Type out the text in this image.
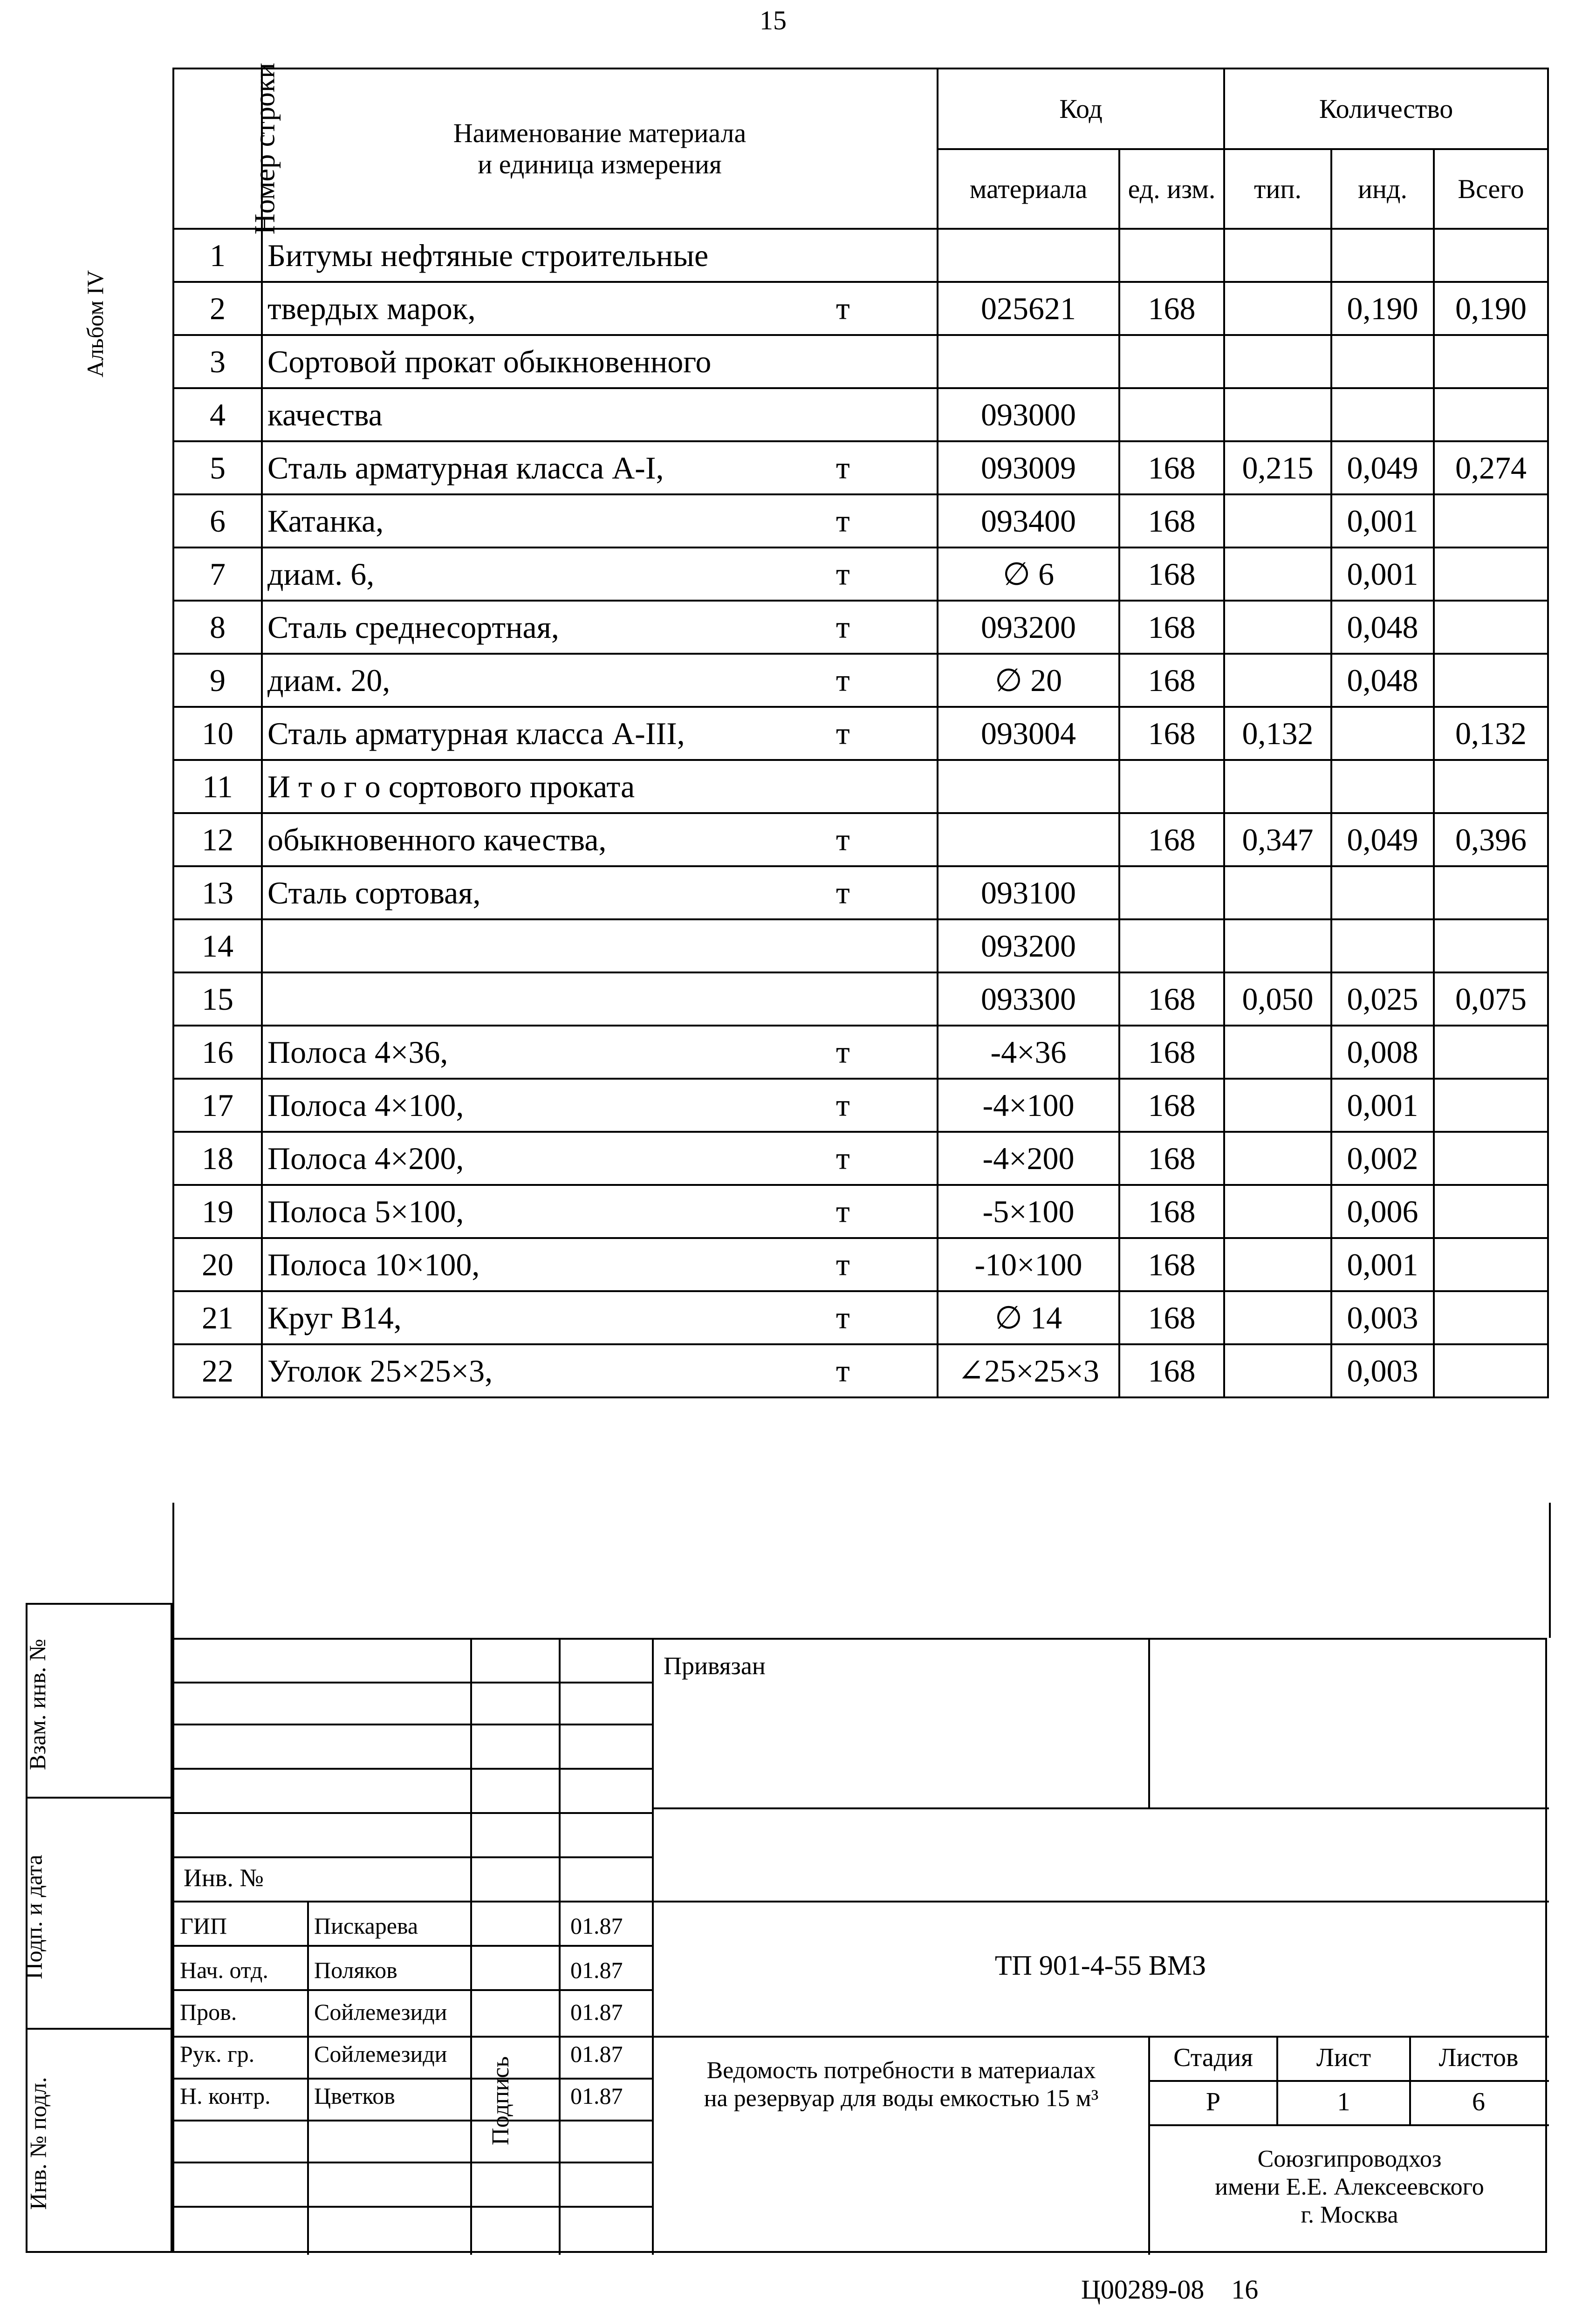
15
Альбом IV
Номер строки	Наименование материала
и единица измерения	Код		Количество		
		материала	ед. изм.	тип.	инд.	Всего
1	Битумы нефтяные строительные

2	твердых марок, т	025621	168		0,190	0,190
3	Сортовой прокат обыкновенного

4	качества	093000				
5	Сталь арматурная класса А-I, т	093009	168	0,215	0,049	0,274
6	Катанка, т	093400	168		0,001	
7	диам. 6, т	∅ 6	168		0,001	
8	Сталь среднесортная, т	093200	168		0,048	
9	диам. 20, т	∅ 20	168		0,048	
10	Сталь арматурная класса А-III, т	093004	168	0,132		0,132
11	И т о г о сортового проката

12	обыкновенного качества, т		168	0,347	0,049	0,396
13	Сталь сортовая, т	093100				
14		093200				
15		093300	168	0,050	0,025	0,075
16	Полоса 4×36, т	-4×36	168		0,008	
17	Полоса 4×100, т	-4×100	168		0,001	
18	Полоса 4×200, т	-4×200	168		0,002	
19	Полоса 5×100, т	-5×100	168		0,006	
20	Полоса 10×100, т	-10×100	168		0,001	
21	Круг В14, т	∅ 14	168		0,003	
22	Уголок 25×25×3, т	∠25×25×3	168		0,003	
Взам. инв. №
Подп. и дата
Инв. № подл.
Привязан
Инв. №
ТП 901-4-55 ВМЗ
Подпись
ГИП	Пискарева	01.87
Нач. отд. Поляков	01.87
Пров.	Сойлемезиди	01.87
Рук. гр.	Сойлемезиди	01.87
Н. контр. Цветков	01.87
Ведомость потребности в материалах
на резервуар для воды емкостью 15 м³
Стадия	Лист	Листов
Р	1	6
Союзгипроводхоз
имени Е.Е. Алексеевского
г. Москва
Ц00289-08    16
